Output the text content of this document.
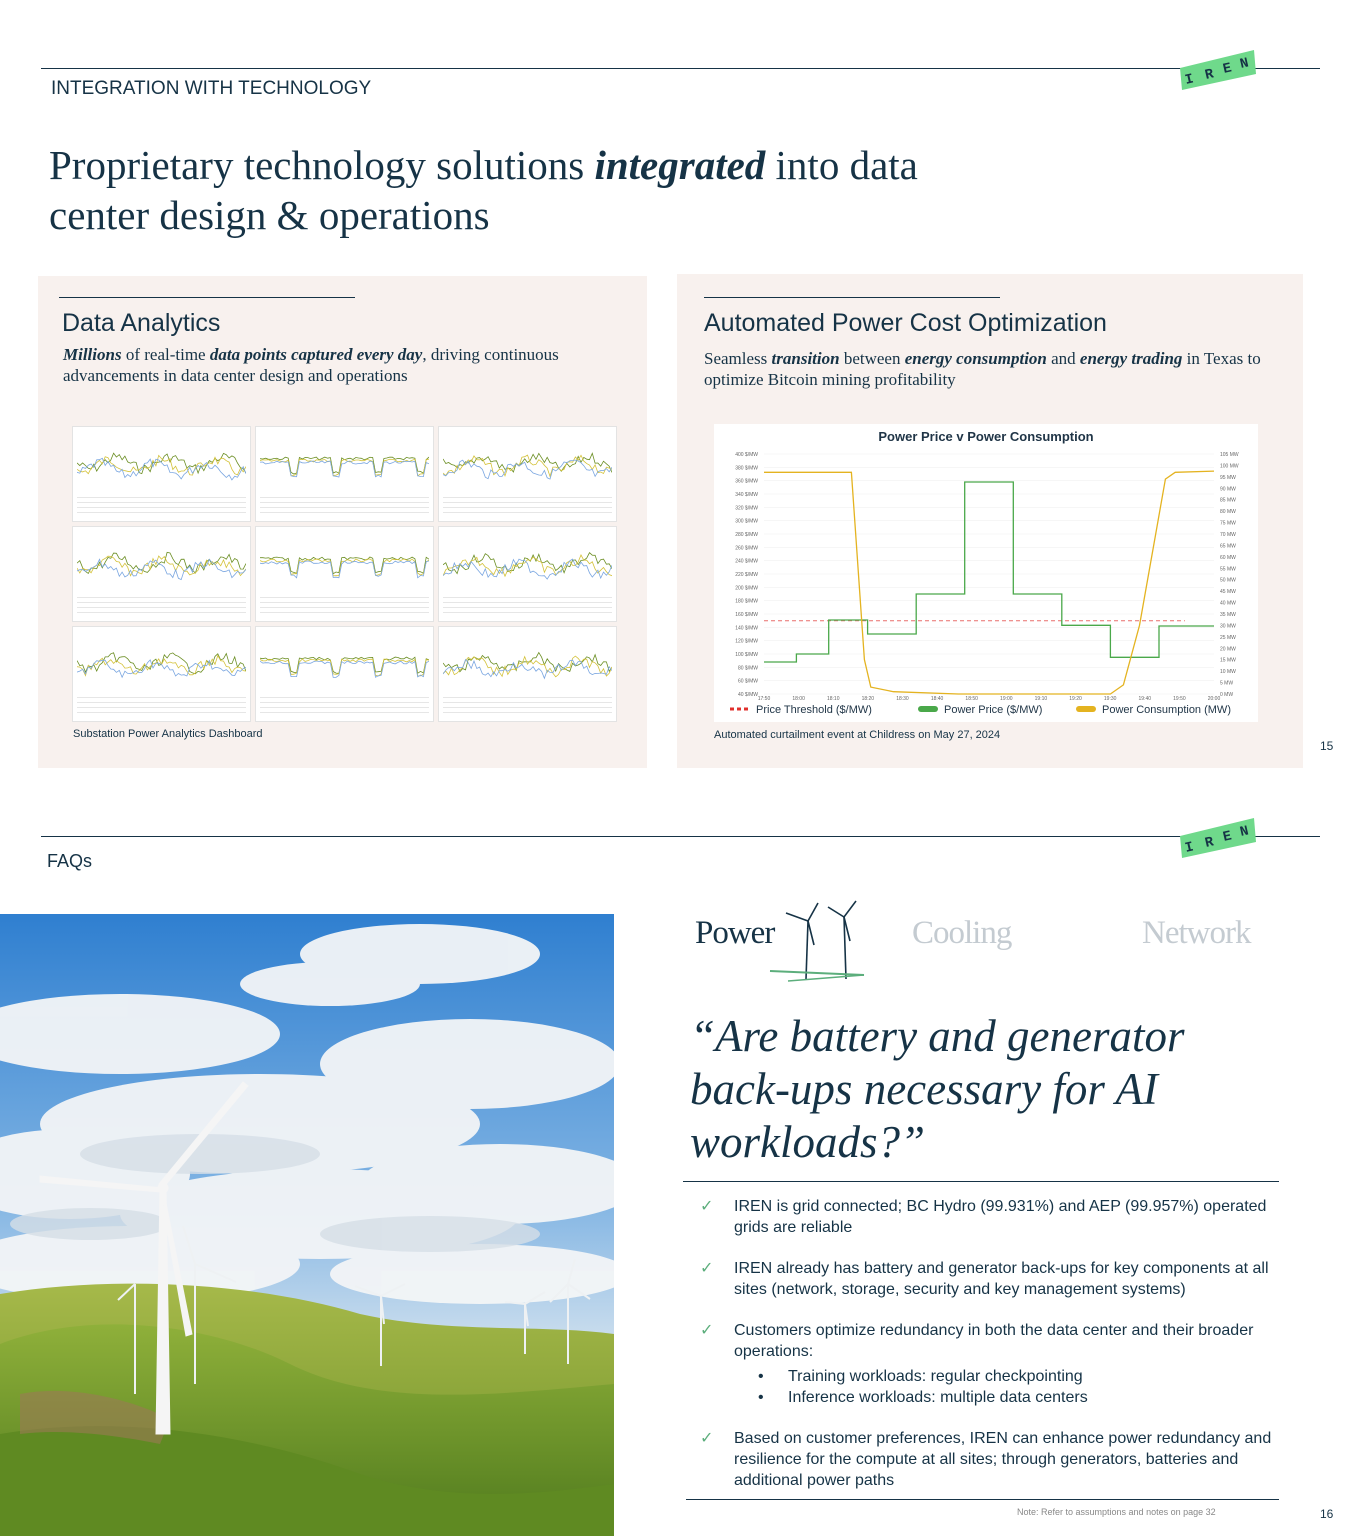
INTEGRATION WITH TECHNOLOGY	I R E N
Proprietary technology solutions integrated into data center design & operations
Data Analytics
Millions of real-time data points captured every day, driving continuous advancements in data center design and operations
Substation Power Analytics Dashboard
Automated Power Cost Optimization
Seamless transition between energy consumption and energy trading in Texas to optimize Bitcoin mining profitability
Automated curtailment event at Childress on May 27, 2024
Power Price v Power Consumption
40 $/MW
60 $/MW
80 $/MW
100 $/MW
120 $/MW
140 $/MW
160 $/MW
180 $/MW
200 $/MW
220 $/MW
240 $/MW
260 $/MW
280 $/MW
300 $/MW
320 $/MW
340 $/MW
360 $/MW
380 $/MW
400 $/MW
0 MW
5 MW
10 MW
15 MW
20 MW
25 MW
30 MW
35 MW
40 MW
45 MW
50 MW
55 MW
60 MW
65 MW
70 MW
75 MW
80 MW
85 MW
90 MW
95 MW
100 MW
105 MW
17:50	18:00	18:10	18:20	18:30	18:40	18:50	19:00	19:10	19:20	19:30	19:40	19:50	20:00
Price Threshold ($/MW)	Power Price ($/MW)	Power Consumption (MW)
15
FAQs
I R E N
Power	Cooling	Network
“Are battery and generator back-ups necessary for AI workloads?”
✓ IREN is grid connected; BC Hydro (99.931%) and AEP (99.957%) operated grids are reliable
✓ IREN already has battery and generator back-ups for key components at all sites (network, storage, security and key management systems)
✓ Customers optimize redundancy in both the data center and their broader operations:
• Training workloads: regular checkpointing
• Inference workloads: multiple data centers
✓ Based on customer preferences, IREN can enhance power redundancy and resilience for the compute at all sites; through generators, batteries and additional power paths
Note: Refer to assumptions and notes on page 32	16
